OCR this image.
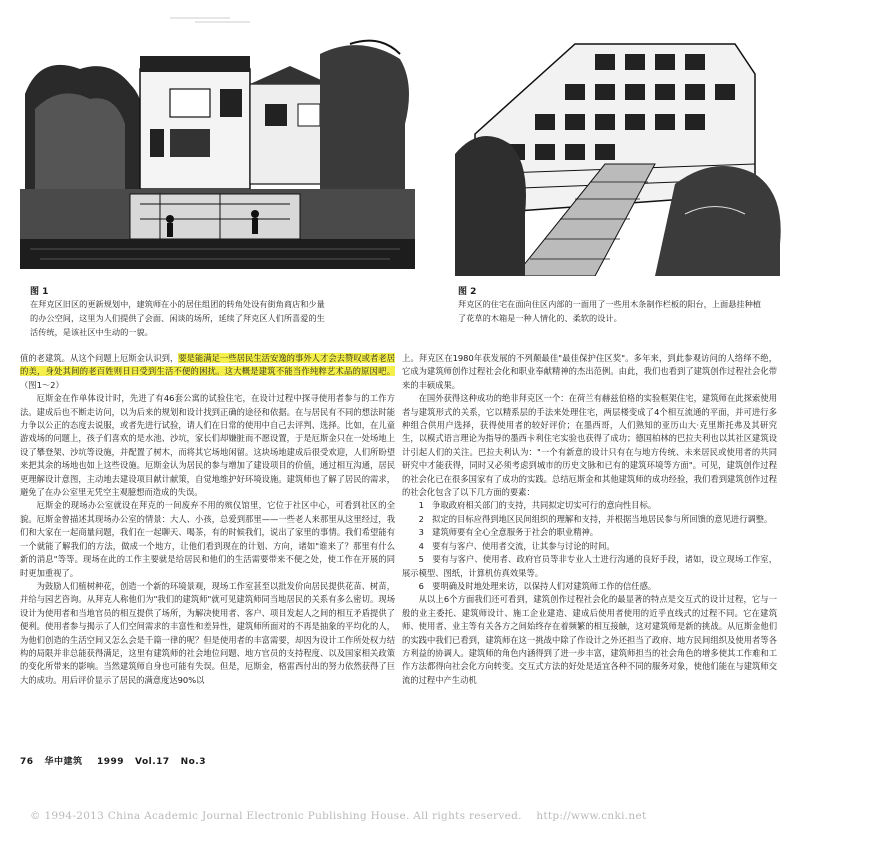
图 1
在拜克区旧区的更新规划中，建筑师在小的居住组团的转角处设有街角商店和少量的办公空间，这里为人们提供了会面、闲谈的场所，延续了拜克区人们所喜爱的生活传统，是该社区中生动的一貌。
图 2
拜克区的住宅在面向住区内部的一面用了一些用木条制作栏板的阳台，上面悬挂种植了花草的木箱是一种人情化的、柔软的设计。

值的老建筑。从这个问题上厄斯金认识到，要是能满足一些居民生活安逸的事外人才会去赞叹或者老居的美，身处其间的老百姓则日日受到生活不便的困扰。这大概是建筑不能当作纯粹艺术品的原因吧。（图1～2）

厄斯金在作单体设计时，先进了有46套公寓的试验住宅，在设计过程中探寻使用者参与的工作方法。建成后也不断走访问，以为后来的规划和设计找到正确的途径和依据。在与居民有不同的想法时能力争以公正的态度去说服，或者先进行试验，请人们在日常的使用中自己去评判、选择。比如，在儿童游戏场的问题上，孩子们喜欢的是水池、沙坑，家长们却嫌脏而不愿设置，于是厄斯金只在一处场地上设了攀登架、沙坑等设施，并配置了树木，而将其它场地闲留。这块场地建成后很受欢迎，人们所盼望来把其余的场地也如上这些设施。厄斯金认为居民的参与增加了建设项目的价值，通过相互沟通，居民更理解设计意图，主动地去建设项目献计献策，自觉地维护好环境设施。建筑师也了解了居民的需求，避免了在办公室里无凭空主观臆想而造成的失误。

厄斯金的现场办公室就设在拜克的一间废弃不用的殡仪馆里，它位于社区中心，可看到社区的全貌。厄斯金曾描述其现场办公室的情景：大人、小孩，总爱到那里——一些老人来那里从这里经过，我们和大家在一起商量问题，我们在一起聊天、喝茶，有的时候我们，说出了家里的事情。我们希望能有一个就能了解我们的方法，做成一个地方，让他们看到现在的计划、方向，诸如"谁来了？那里有什么新的消息"等等。现场在此的工作主要就是给居民和他们的生活需要带来不便之处，使工作在开展的同时更加重视了。

为鼓励人们植树种花，创造一个新的环境景观，现场工作室甚至以批发价向居民提供花苗、树苗，并给与园艺咨询。从拜克人称他们为"我们的建筑师"就可见建筑师同当地居民的关系有多么密切。现场设计为使用者和当地官员的相互提供了场所，为解决使用者、客户、项目发起人之间的相互矛盾提供了便利。使用者参与揭示了人们空间需求的丰富性和差异性，建筑师所面对的不再是抽象的平均化的人，为他们创造的生活空间又怎么会是千篇一律的呢？但是使用者的丰富需要，却因为设计工作所处权力结构的局限并非总能获得满足，这里有建筑师的社会地位问题、地方官员的支持程度、以及国家相关政策的变化所带来的影响。当然建筑师自身也可能有失误。但是，厄斯金，格雷西付出的努力依然获得了巨大的成功。用后评价显示了居民的满意度达90%以

上。拜克区在1980年获发展的不列颠最佳"最佳保护住区奖"。多年来，到此参观访问的人络绎不绝，它成为建筑师创作过程社会化和职业奉献精神的杰出范例。由此，我们也看到了建筑创作过程社会化带来的丰硕成果。

在国外获得这种成功的绝非拜克区一个：在荷兰有赫兹伯格的实验框架住宅，建筑师在此探索使用者与建筑形式的关系，它以精系层的手法来处理住宅，两层楼变成了4个相互流通的平面，并可进行多种组合供用户选择，获得使用者的较好评价；在墨西哥，人们熟知的亚历山大·克里斯托弗及其研究生，以模式语言理论为指导的墨西卡利住宅实验也获得了成功；德国柏林的巴拉夫利也以其社区建筑设计引起人们的关注。巴拉夫利认为："一个有新意的设计只有在与地方传统、未来居民或使用者的共同研究中才能获得，同时又必须考虑到城市的历史文脉和已有的建筑环境等方面"。可见，建筑创作过程的社会化已在很多国家有了成功的实践。总结厄斯金和其他建筑师的成功经验，我们看到建筑创作过程的社会化包含了以下几方面的要素：

1　争取政府相关部门的支持，共同拟定切实可行的意向性目标。

2　拟定的目标应得到地区民间组织的理解和支持，并根据当地居民参与所回馈的意见进行调整。

3　建筑师要有全心全意服务于社会的职业精神。

4　要有与客户、使用者交流，让其参与讨论的时间。

5　要有与客户、使用者、政府官员等非专业人士进行沟通的良好手段，诸如，设立现场工作室，展示模型、图纸，计算机仿真效果等。

6　要明确及时地处理来访，以保持人们对建筑师工作的信任感。

从以上6个方面我们还可看到，建筑创作过程社会化的最显著的特点是交互式的设计过程，它与一般的业主委托、建筑师设计、施工企业建造、建成后使用者使用的近乎直线式的过程不同。它在建筑师、使用者、业主等有关各方之间始终存在着频繁的相互接触，这对建筑师是新的挑战。从厄斯金他们的实践中我们已看到，建筑师在这一挑战中除了作设计之外还担当了政府、地方民间组织及使用者等各方利益的协调人。建筑师的角色内涵得到了进一步丰富，建筑师担当的社会角色的增多使其工作难和工作方法都得向社会化方向转变。交互式方法的好处是适宜各种不同的服务对象，使他们能在与建筑师交流的过程中产生动机

76 华中建筑 1999 Vol.17 No.3
© 1994-2013 China Academic Journal Electronic Publishing House. All rights reserved. http://www.cnki.net
